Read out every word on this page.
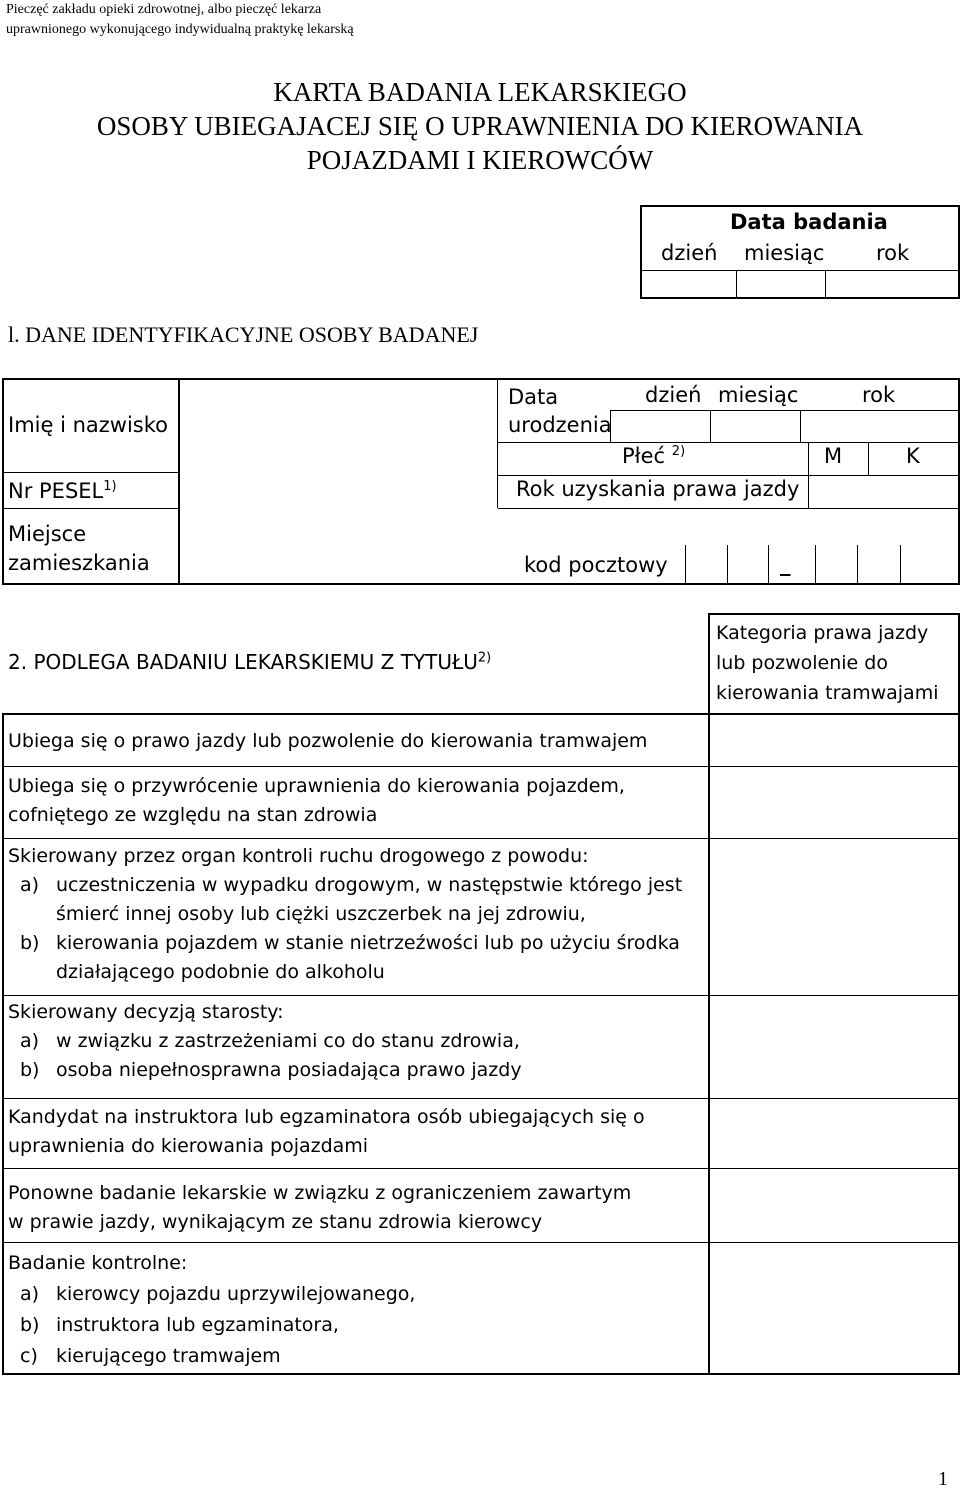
Pieczęć zakładu opieki zdrowotnej, albo pieczęć lekarza
uprawnionego wykonującego indywidualną praktykę lekarską
KARTA BADANIA LEKARSKIEGO
OSOBY UBIEGAJACEJ SIĘ O UPRAWNIENIA DO KIEROWANIA
POJAZDAMI I KIEROWCÓW
Data badania
dzień miesiąc rok
l. DANE IDENTYFIKACYJNE OSOBY BADANEJ
Imię i nazwisko
Nr PESEL$^{1)}$
Miejsce
zamieszkania
Data
urodzenia
dzień miesiąc	rok
Płeć $^{2)}$	M	K
Rok uzyskania prawa jazdy
kod pocztowy	_
2. PODLEGA BADANIU LEKARSKIEMU Z TYTUŁU$^{2)}$
Kategoria prawa jazdy
lub pozwolenie do
kierowania tramwajami
Ubiega się o prawo jazdy lub pozwolenie do kierowania tramwajem
Ubiega się o przywrócenie uprawnienia do kierowania pojazdem,
cofniętego ze względu na stan zdrowia
Skierowany przez organ kontroli ruchu drogowego z powodu:
a) uczestniczenia w wypadku drogowym, w następstwie którego jest
śmierć innej osoby lub ciężki uszczerbek na jej zdrowiu,
b) kierowania pojazdem w stanie nietrzeźwości lub po użyciu środka
działającego podobnie do alkoholu
Skierowany decyzją starosty:
a) w związku z zastrzeżeniami co do stanu zdrowia,
b) osoba niepełnosprawna posiadająca prawo jazdy
Kandydat na instruktora lub egzaminatora osób ubiegających się o
uprawnienia do kierowania pojazdami
Ponowne badanie lekarskie w związku z ograniczeniem zawartym
w prawie jazdy, wynikającym ze stanu zdrowia kierowcy
Badanie kontrolne:
a) kierowcy pojazdu uprzywilejowanego,
b) instruktora lub egzaminatora,
c) kierującego tramwajem
1
